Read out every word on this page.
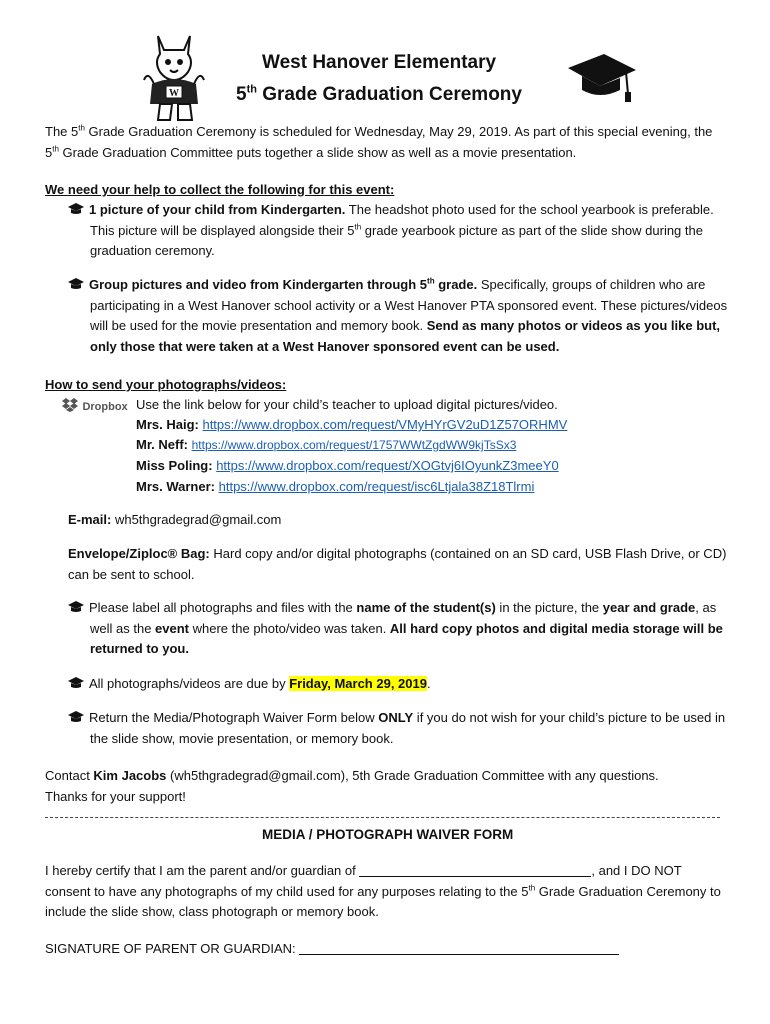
W
West Hanover Elementary
5th Grade Graduation Ceremony
The 5th Grade Graduation Ceremony is scheduled for Wednesday, May 29, 2019. As part of this special evening, the 5th Grade Graduation Committee puts together a slide show as well as a movie presentation.
We need your help to collect the following for this event:
1 picture of your child from Kindergarten. The headshot photo used for the school yearbook is preferable. This picture will be displayed alongside their 5th grade yearbook picture as part of the slide show during the graduation ceremony.
Group pictures and video from Kindergarten through 5th grade. Specifically, groups of children who are participating in a West Hanover school activity or a West Hanover PTA sponsored event. These pictures/videos will be used for the movie presentation and memory book. Send as many photos or videos as you like but, only those that were taken at a West Hanover sponsored event can be used.
How to send your photographs/videos:
Dropbox Use the link below for your child’s teacher to upload digital pictures/video.
Mrs. Haig: https://www.dropbox.com/request/VMyHYrGV2uD1Z57ORHMV
Mr. Neff: https://www.dropbox.com/request/1757WWtZgdWW9kjTsSx3
Miss Poling: https://www.dropbox.com/request/XOGtvj6IOyunkZ3meeY0
Mrs. Warner: https://www.dropbox.com/request/isc6Ltjala38Z18Tlrmi
E-mail: wh5thgradegrad@gmail.com
Envelope/Ziploc® Bag: Hard copy and/or digital photographs (contained on an SD card, USB Flash Drive, or CD) can be sent to school.
Please label all photographs and files with the name of the student(s) in the picture, the year and grade, as well as the event where the photo/video was taken. All hard copy photos and digital media storage will be returned to you.
All photographs/videos are due by Friday, March 29, 2019.
Return the Media/Photograph Waiver Form below ONLY if you do not wish for your child’s picture to be used in the slide show, movie presentation, or memory book.
Contact Kim Jacobs (wh5thgradegrad@gmail.com), 5th Grade Graduation Committee with any questions.
Thanks for your support!
MEDIA / PHOTOGRAPH WAIVER FORM
I hereby certify that I am the parent and/or guardian of	, and I DO NOT consent to have any photographs of my child used for any purposes relating to the 5th Grade Graduation Ceremony to include the slide show, class photograph or memory book.
SIGNATURE OF PARENT OR GUARDIAN:
